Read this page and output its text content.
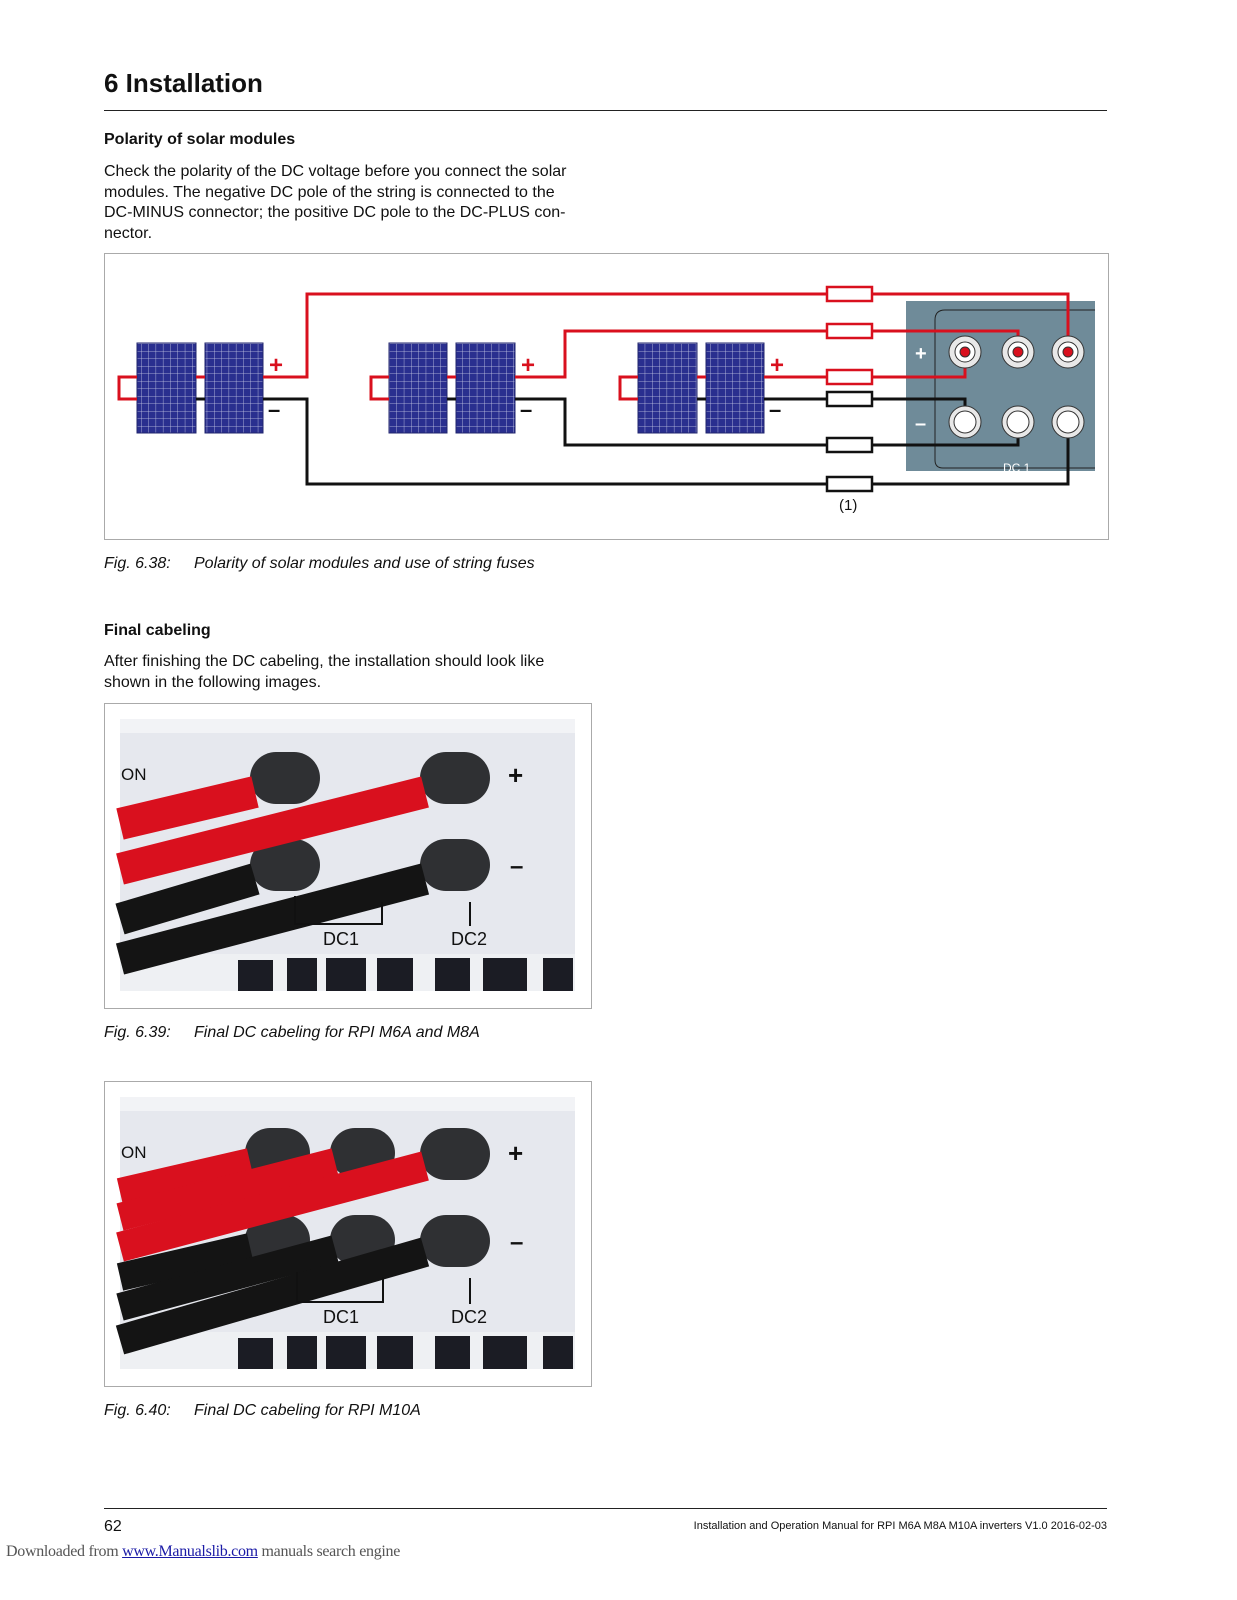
6 Installation
Polarity of solar modules
Check the polarity of the DC voltage before you connect the solar
modules. The negative DC pole of the string is connected to the
DC-MINUS connector; the positive DC pole to the DC-PLUS con-
nector.
+
–
+
–
+
–
+
–
DC 1
(1)
Fig. 6.38: Polarity of solar modules and use of string fuses
Final cabeling
After finishing the DC cabeling, the installation should look like
shown in the following images.
ON	+
–
DC1	DC2
Fig. 6.39: Final DC cabeling for RPI M6A and M8A
ON	+
–
DC1	DC2
Fig. 6.40: Final DC cabeling for RPI M10A
62	Installation and Operation Manual for RPI M6A M8A M10A inverters V1.0 2016-02-03
Downloaded from www.Manualslib.com manuals search engine
